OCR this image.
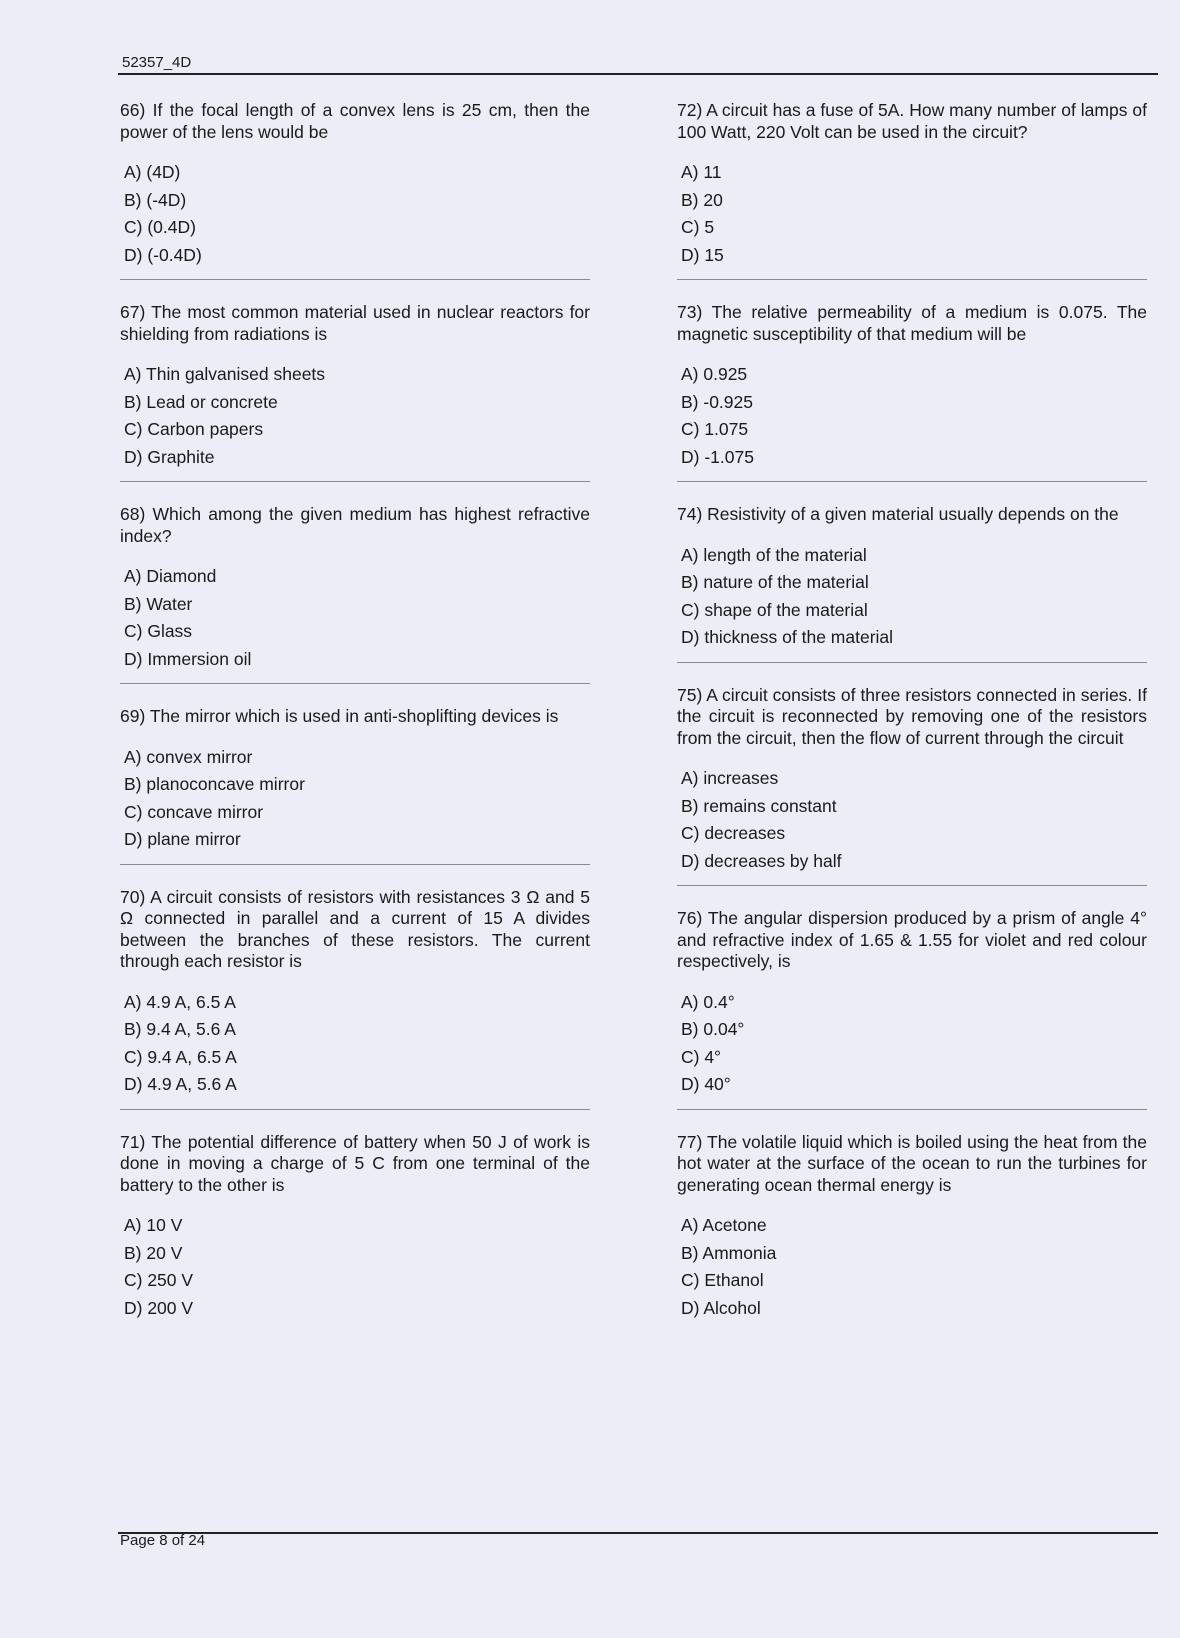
52357_4D

66) If the focal length of a convex lens is 25 cm, then the power of the lens would be

A) (4D)
B) (-4D)
C) (0.4D)
D) (-0.4D)

67) The most common material used in nuclear reactors for shielding from radiations is

A) Thin galvanised sheets
B) Lead or concrete
C) Carbon papers
D) Graphite

68) Which among the given medium has highest refractive index?

A) Diamond
B) Water
C) Glass
D) Immersion oil

69) The mirror which is used in anti-shoplifting devices is

A) convex mirror
B) planoconcave mirror
C) concave mirror
D) plane mirror

70) A circuit consists of resistors with resistances 3 Ω and 5 Ω connected in parallel and a current of 15 A divides between the branches of these resistors. The current through each resistor is

A) 4.9 A, 6.5 A
B) 9.4 A, 5.6 A
C) 9.4 A, 6.5 A
D) 4.9 A, 5.6 A

71) The potential difference of battery when 50 J of work is done in moving a charge of 5 C from one terminal of the battery to the other is

A) 10 V
B) 20 V
C) 250 V
D) 200 V

72) A circuit has a fuse of 5A. How many number of lamps of 100 Watt, 220 Volt can be used in the circuit?

A) 11
B) 20
C) 5
D) 15

73) The relative permeability of a medium is 0.075. The magnetic susceptibility of that medium will be

A) 0.925
B) -0.925
C) 1.075
D) -1.075

74) Resistivity of a given material usually depends on the

A) length of the material
B) nature of the material
C) shape of the material
D) thickness of the material

75) A circuit consists of three resistors connected in series. If the circuit is reconnected by removing one of the resistors from the circuit, then the flow of current through the circuit

A) increases
B) remains constant
C) decreases
D) decreases by half

76) The angular dispersion produced by a prism of angle 4° and refractive index of 1.65 & 1.55 for violet and red colour respectively, is

A) 0.4°
B) 0.04°
C) 4°
D) 40°

77) The volatile liquid which is boiled using the heat from the hot water at the surface of the ocean to run the turbines for generating ocean thermal energy is

A) Acetone
B) Ammonia
C) Ethanol
D) Alcohol
Page 8 of 24
